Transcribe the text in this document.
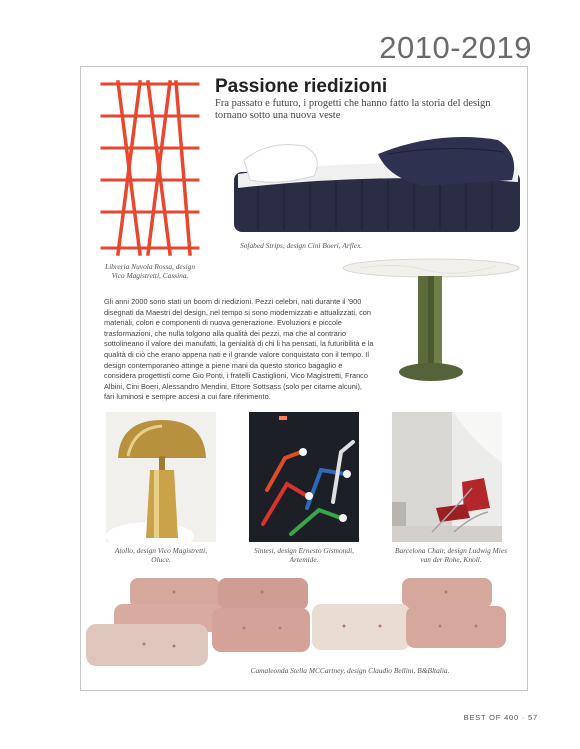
2010-2019
Libreria Nuvola Rossa, design Vico Magistretti, Cassina.
Passione riedizioni
Fra passato e futuro, i progetti che hanno fatto la storia del design tornano sotto una nuova veste
Sofabed Strips, design Cini Boeri, Arflex.

Gli anni 2000 sono stati un boom di riedizioni. Pezzi celebri, nati durante il '900 disegnati da Maestri del design, nel tempo si sono modernizzati e attualizzati, con materiali, colori e componenti di nuova generazione. Evoluzioni e piccole trasformazioni, che nulla tolgono alla qualità dei pezzi, ma che al contrario sottolineano il valore dei manufatti, la genialità di chi li ha pensati, la futuribilità e la qualità di ciò che erano appena nati e il grande valore conquistato con il tempo. Il design contemporaneo attinge a piene mani da questo storico bagaglio e considera progettisti come Gio Ponti, i fratelli Castiglioni, Vico Magistretti, Franco Albini, Cini Boeri, Alessandro Mendini, Ettore Sottsass (solo per citarne alcuni), fari luminosi e sempre accesi a cui fare riferimento.

Atollo, design Vico Magistretti, Oluce.
Sintesi, design Ernesto Gismondi, Artemide.
Barcelona Chair, design Ludwig Mies van der Rohe, Knoll.
Camaleonda Stella MCCartney, design Claudio Bellini, B&Bltalia.
BEST OF 400 · 57
